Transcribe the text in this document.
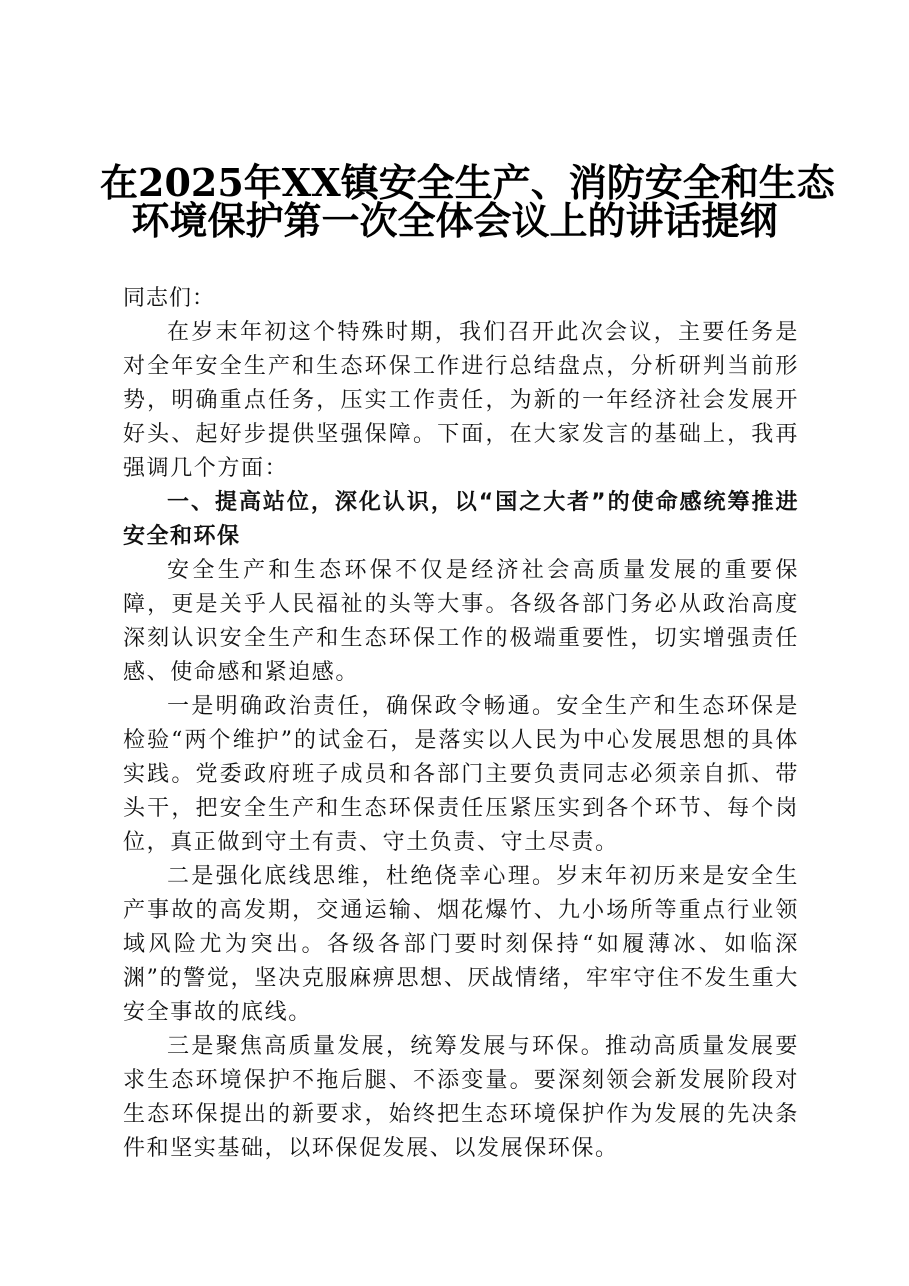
在2025年XX镇安全生产、消防安全和生态
环境保护第一次全体会议上的讲话提纲

同志们：

在岁末年初这个特殊时期，我们召开此次会议，主要任务是对全年安全生产和生态环保工作进行总结盘点，分析研判当前形势，明确重点任务，压实工作责任，为新的一年经济社会发展开好头、起好步提供坚强保障。下面，在大家发言的基础上，我再强调几个方面：

一、提高站位，深化认识，以“国之大者”的使命感统筹推进安全和环保

安全生产和生态环保不仅是经济社会高质量发展的重要保障，更是关乎人民福祉的头等大事。各级各部门务必从政治高度深刻认识安全生产和生态环保工作的极端重要性，切实增强责任感、使命感和紧迫感。

一是明确政治责任，确保政令畅通。安全生产和生态环保是检验“两个维护”的试金石，是落实以人民为中心发展思想的具体实践。党委政府班子成员和各部门主要负责同志必须亲自抓、带头干，把安全生产和生态环保责任压紧压实到各个环节、每个岗位，真正做到守土有责、守土负责、守土尽责。

二是强化底线思维，杜绝侥幸心理。岁末年初历来是安全生产事故的高发期，交通运输、烟花爆竹、九小场所等重点行业领域风险尤为突出。各级各部门要时刻保持“如履薄冰、如临深渊”的警觉，坚决克服麻痹思想、厌战情绪，牢牢守住不发生重大安全事故的底线。

三是聚焦高质量发展，统筹发展与环保。推动高质量发展要求生态环境保护不拖后腿、不添变量。要深刻领会新发展阶段对生态环保提出的新要求，始终把生态环境保护作为发展的先决条件和坚实基础，以环保促发展、以发展保环保。
